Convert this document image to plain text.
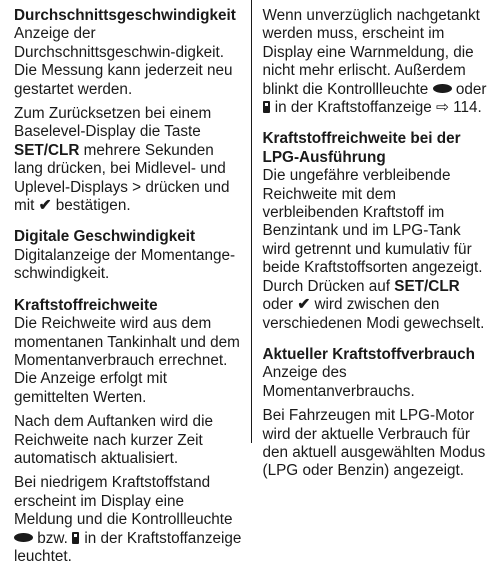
Durchschnittsgeschwindigkeit

Anzeige der Durchschnittsgeschwin-digkeit. Die Messung kann jederzeit neu gestartet werden.

Zum Zurücksetzen bei einem Baselevel-Display die Taste SET/CLR mehrere Sekunden lang drücken, bei Midlevel- und Uplevel-Displays > drücken und mit ✔ bestätigen.

Digitale Geschwindigkeit

Digitalanzeige der Momentange-schwindigkeit.

Kraftstoffreichweite

Die Reichweite wird aus dem momentanen Tankinhalt und dem Momentanverbrauch errechnet. Die Anzeige erfolgt mit gemittelten Werten.

Nach dem Auftanken wird die Reichweite nach kurzer Zeit automatisch aktualisiert.

Bei niedrigem Kraftstoffstand erscheint im Display eine Meldung und die Kontrollleuchte  bzw.  in der Kraftstoffanzeige leuchtet.

Wenn unverzüglich nachgetankt werden muss, erscheint im Display eine Warnmeldung, die nicht mehr erlischt. Außerdem blinkt die Kontrollleuchte  oder  in der Kraftstoffanzeige ⇨ 114.

Kraftstoffreichweite bei der LPG-Ausführung

Die ungefähre verbleibende Reichweite mit dem verbleibenden Kraftstoff im Benzintank und im LPG-Tank wird getrennt und kumulativ für beide Kraftstoffsorten angezeigt. Durch Drücken auf SET/CLR oder ✔ wird zwischen den verschiedenen Modi gewechselt.

Aktueller Kraftstoffverbrauch

Anzeige des Momentanverbrauchs.

Bei Fahrzeugen mit LPG-Motor wird der aktuelle Verbrauch für den aktuell ausgewählten Modus (LPG oder Benzin) angezeigt.
